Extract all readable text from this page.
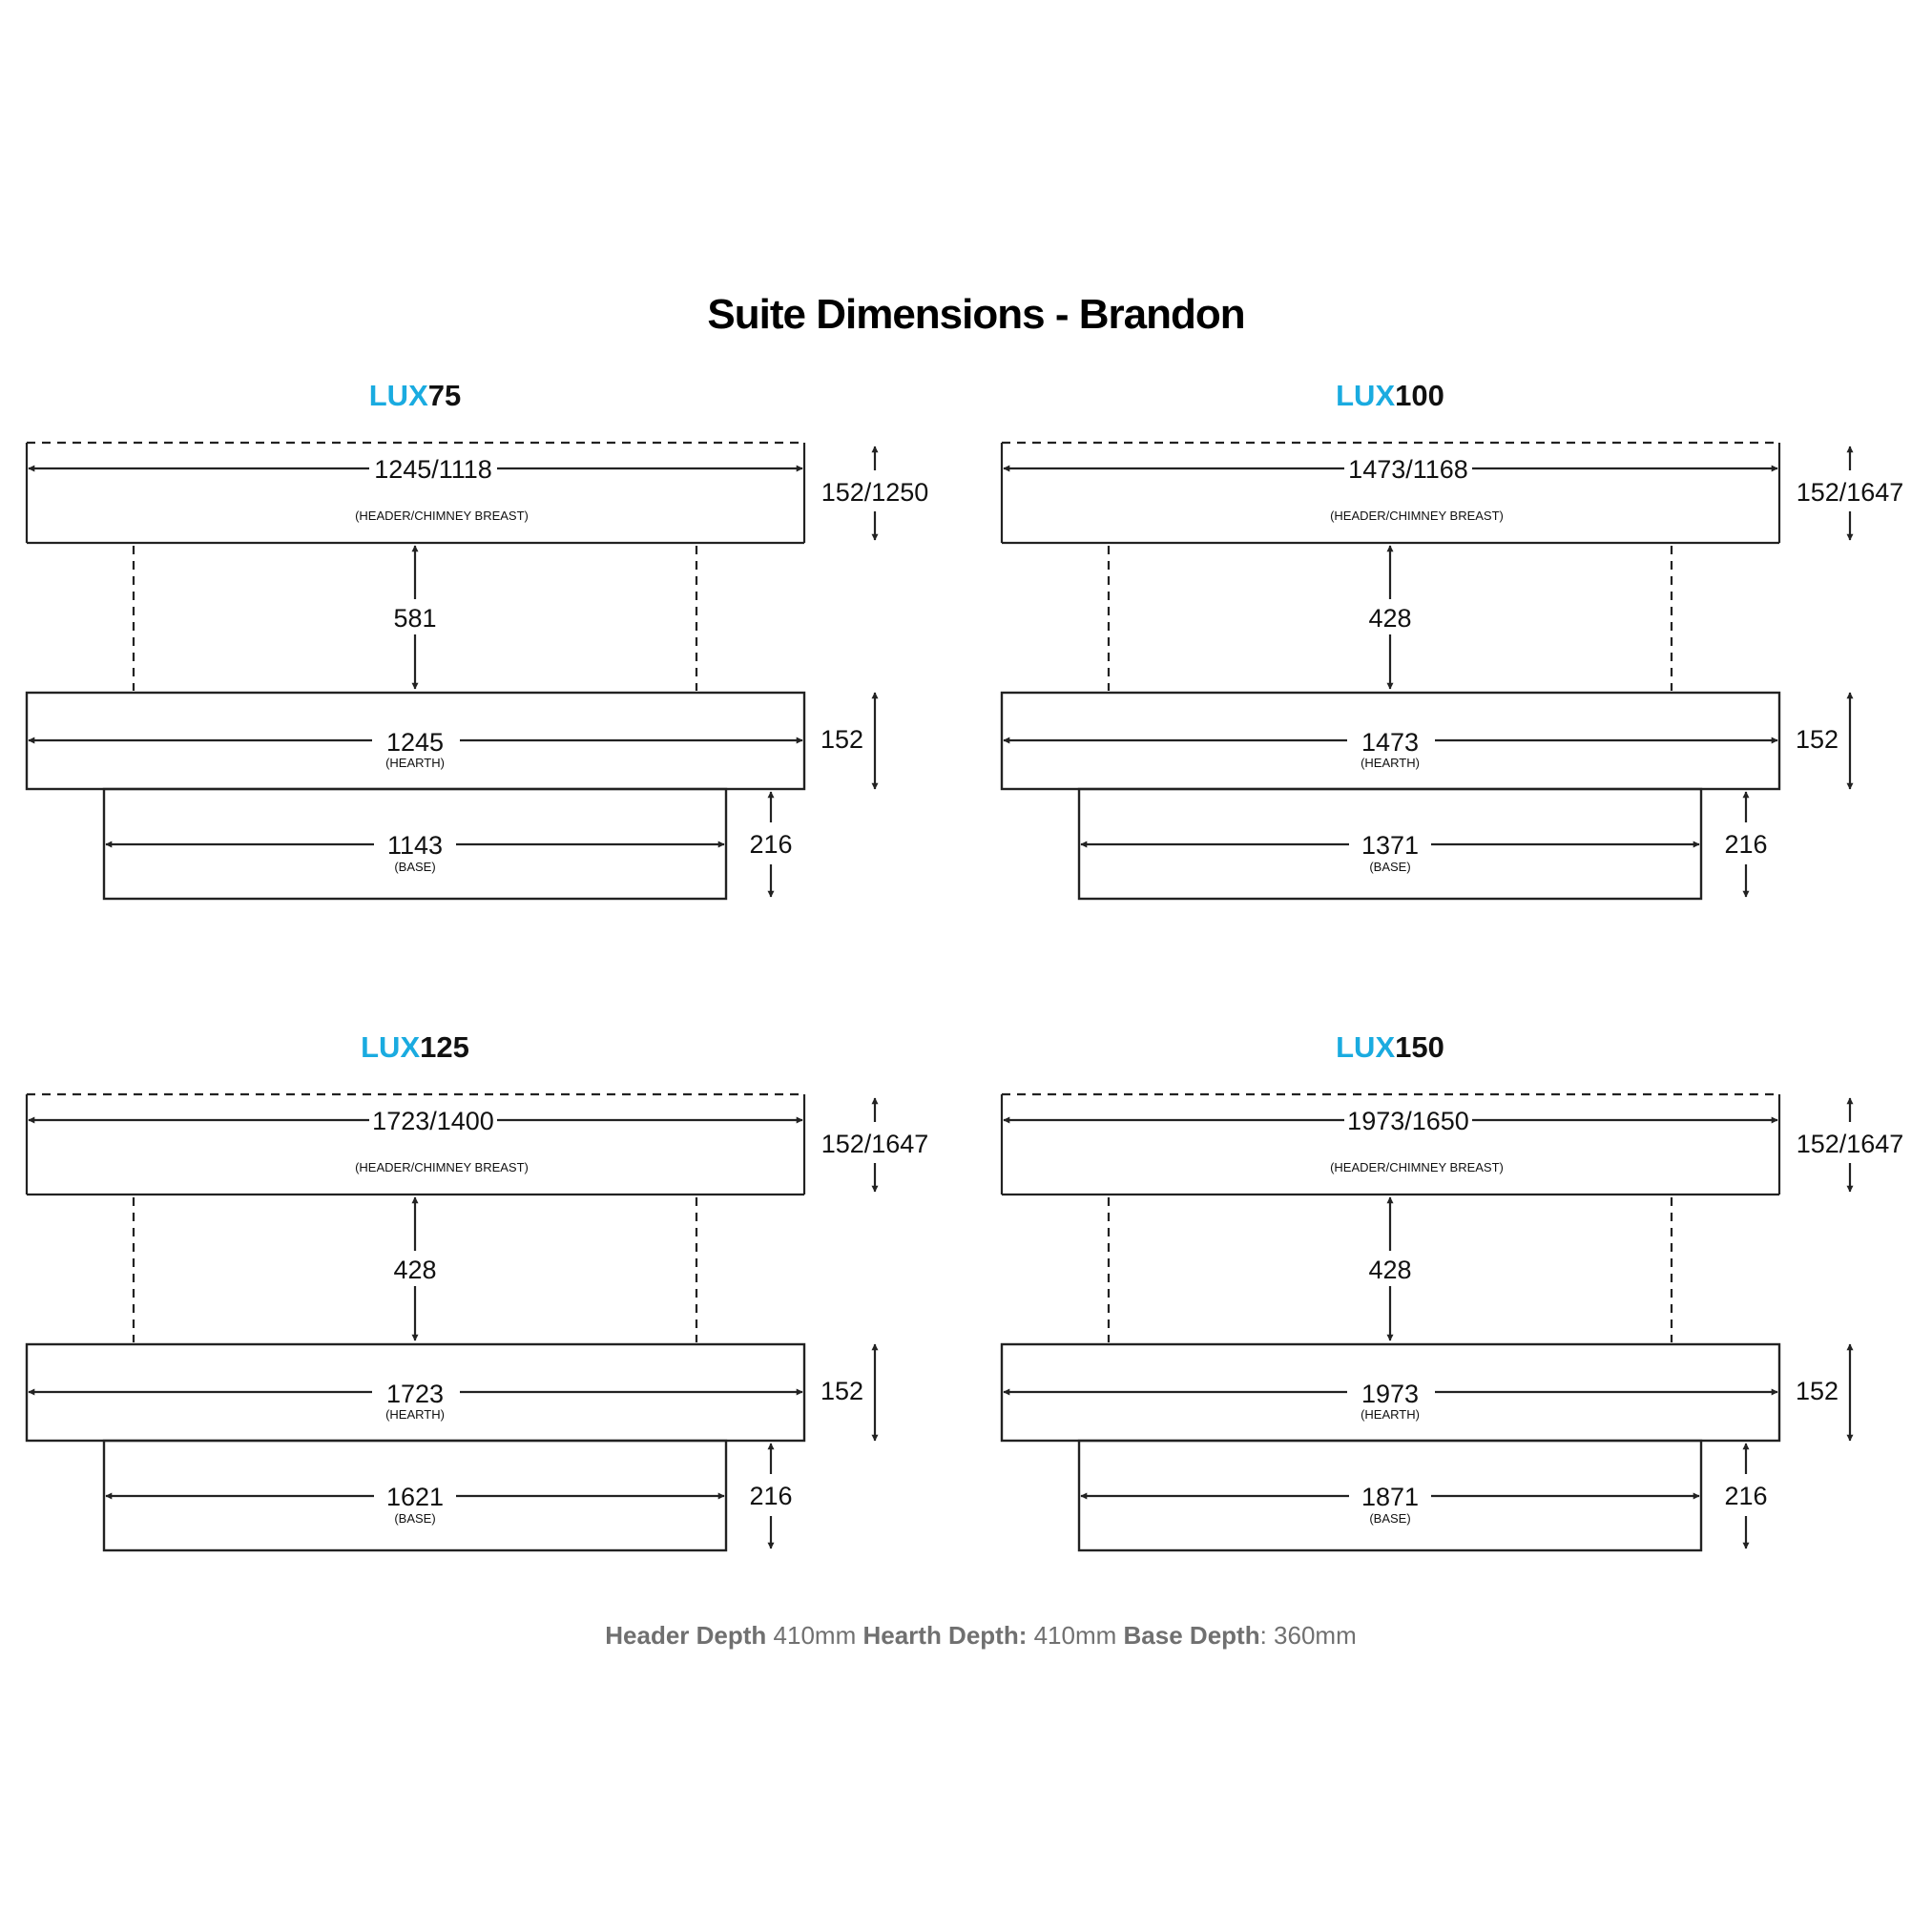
Suite Dimensions - Brandon
LUX75
1245/1118
(HEADER/CHIMNEY BREAST)
152/1250
581
1245
(HEARTH)
152
1143
(BASE)
216
LUX100
1473/1168
(HEADER/CHIMNEY BREAST)
152/1647
428
1473
(HEARTH)
152
1371
(BASE)
216
LUX125
1723/1400
(HEADER/CHIMNEY BREAST)
152/1647
428
1723
(HEARTH)
152
1621
(BASE)
216
LUX150
1973/1650
(HEADER/CHIMNEY BREAST)
152/1647
428
1973
(HEARTH)
152
1871
(BASE)
216
Header Depth 410mm Hearth Depth: 410mm Base Depth: 360mm
